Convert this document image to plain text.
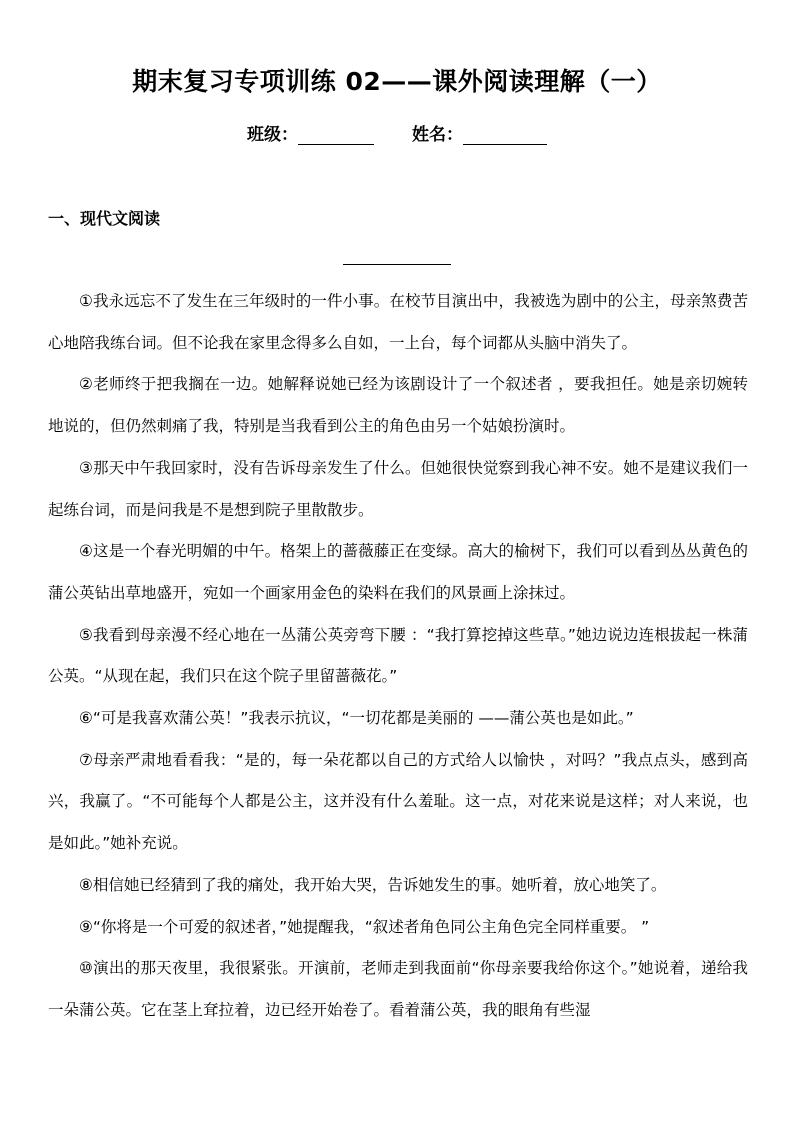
期末复习专项训练 02——课外阅读理解（一）
班级：	姓名：
一、现代文阅读

①我永远忘不了发生在三年级时的一件小事。在校节目演出中，我被选为剧中的公主，母亲煞费苦心地陪我练台词。但不论我在家里念得多么自如，一上台，每个词都从头脑中消失了。

②老师终于把我搁在一边。她解释说她已经为该剧设计了一个叙述者 ，要我担任。她是亲切婉转地说的，但仍然刺痛了我，特别是当我看到公主的角色由另一个姑娘扮演时。

③那天中午我回家时，没有告诉母亲发生了什么。但她很快觉察到我心神不安。她不是建议我们一起练台词，而是问我是不是想到院子里散散步。

④这是一个春光明媚的中午。格架上的蔷薇藤正在变绿。高大的榆树下，我们可以看到丛丛黄色的蒲公英钻出草地盛开，宛如一个画家用金色的染料在我们的风景画上涂抹过。

⑤我看到母亲漫不经心地在一丛蒲公英旁弯下腰 ：“我打算挖掉这些草。”她边说边连根拔起一株蒲公英。“从现在起，我们只在这个院子里留蔷薇花。”

⑥“可是我喜欢蒲公英！”我表示抗议，“一切花都是美丽的 ——蒲公英也是如此。”

⑦母亲严肃地看看我：“是的，每一朵花都以自己的方式给人以愉快 ，对吗？”我点点头，感到高兴，我赢了。“不可能每个人都是公主，这并没有什么羞耻。这一点，对花来说是这样；对人来说，也是如此。”她补充说。

⑧相信她已经猜到了我的痛处，我开始大哭，告诉她发生的事。她听着，放心地笑了。

⑨“你将是一个可爱的叙述者，”她提醒我，“叙述者角色同公主角色完全同样重要。 ”

⑩演出的那天夜里，我很紧张。开演前，老师走到我面前“你母亲要我给你这个。”她说着，递给我一朵蒲公英。它在茎上耷拉着，边已经开始卷了。看着蒲公英，我的眼角有些湿
